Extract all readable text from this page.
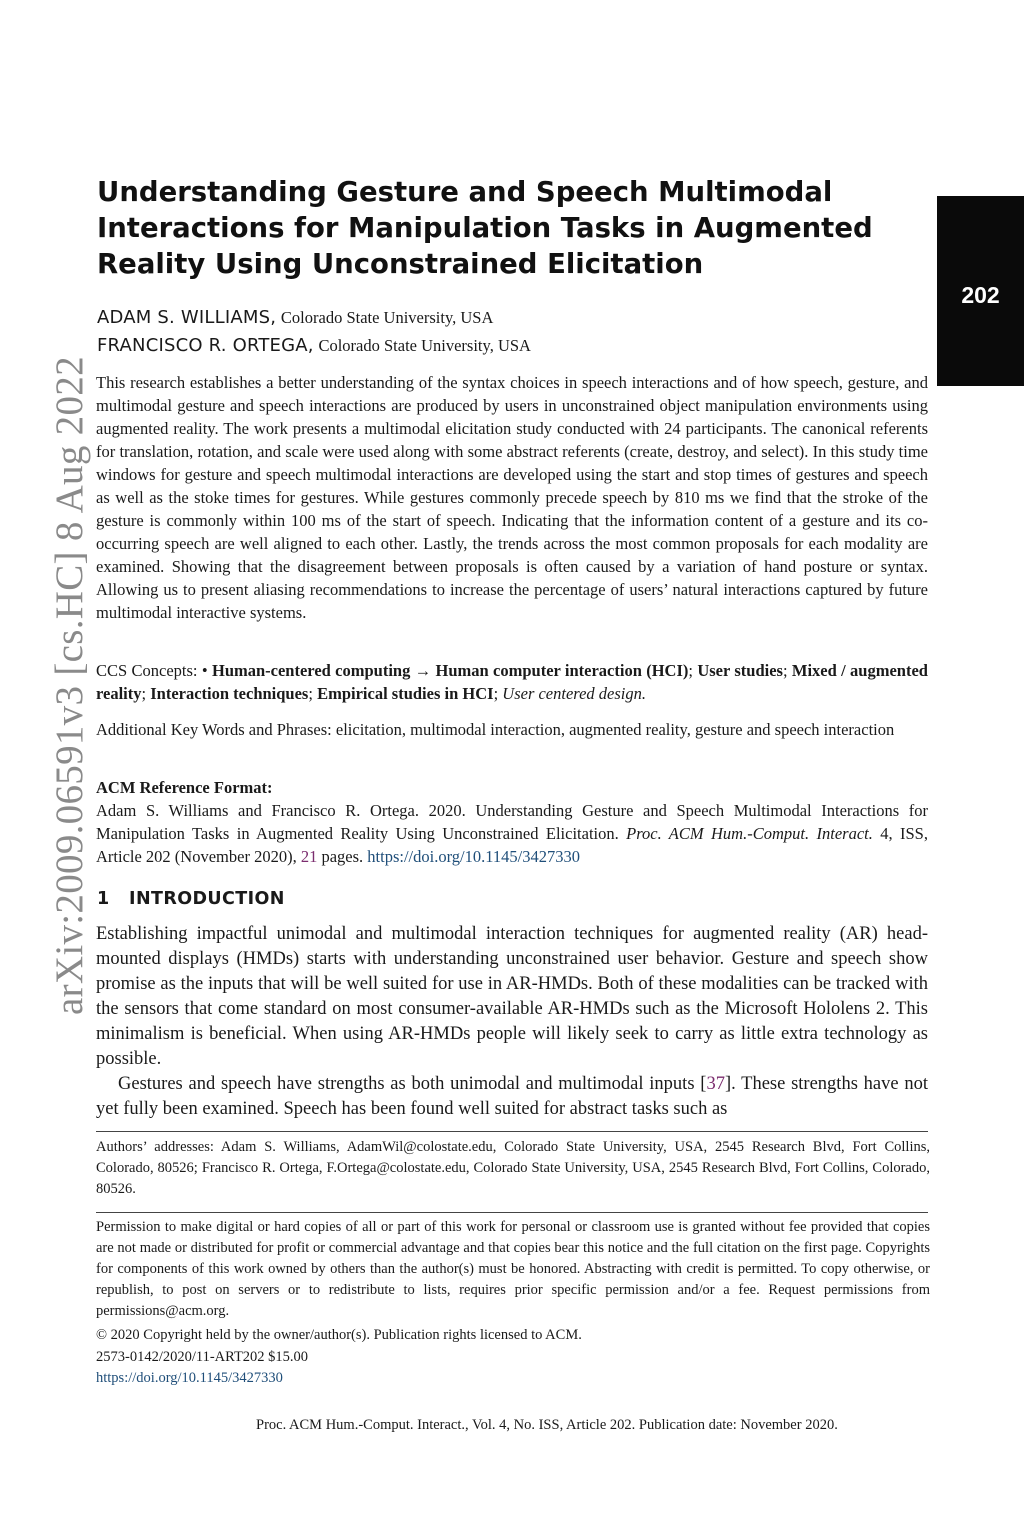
arXiv:2009.06591v3 [cs.HC] 8 Aug 2022
202
Understanding Gesture and Speech Multimodal Interactions for Manipulation Tasks in Augmented Reality Using Unconstrained Elicitation
ADAM S. WILLIAMS, Colorado State University, USA
FRANCISCO R. ORTEGA, Colorado State University, USA
This research establishes a better understanding of the syntax choices in speech interactions and of how speech, gesture, and multimodal gesture and speech interactions are produced by users in unconstrained object manipulation environments using augmented reality. The work presents a multimodal elicitation study conducted with 24 participants. The canonical referents for translation, rotation, and scale were used along with some abstract referents (create, destroy, and select). In this study time windows for gesture and speech multimodal interactions are developed using the start and stop times of gestures and speech as well as the stoke times for gestures. While gestures commonly precede speech by 810 ms we find that the stroke of the gesture is commonly within 100 ms of the start of speech. Indicating that the information content of a gesture and its co-occurring speech are well aligned to each other. Lastly, the trends across the most common proposals for each modality are examined. Showing that the disagreement between proposals is often caused by a variation of hand posture or syntax. Allowing us to present aliasing recommendations to increase the percentage of users’ natural interactions captured by future multimodal interactive systems.
CCS Concepts: • Human-centered computing → Human computer interaction (HCI); User studies; Mixed / augmented reality; Interaction techniques; Empirical studies in HCI; User centered design.
Additional Key Words and Phrases: elicitation, multimodal interaction, augmented reality, gesture and speech interaction
ACM Reference Format:
Adam S. Williams and Francisco R. Ortega. 2020. Understanding Gesture and Speech Multimodal Interactions for Manipulation Tasks in Augmented Reality Using Unconstrained Elicitation. Proc. ACM Hum.-Comput. Interact. 4, ISS, Article 202 (November 2020), 21 pages. https://doi.org/10.1145/3427330
1   INTRODUCTION
Establishing impactful unimodal and multimodal interaction techniques for augmented reality (AR) head-mounted displays (HMDs) starts with understanding unconstrained user behavior. Gesture and speech show promise as the inputs that will be well suited for use in AR-HMDs. Both of these modalities can be tracked with the sensors that come standard on most consumer-available AR-HMDs such as the Microsoft Hololens 2. This minimalism is beneficial. When using AR-HMDs people will likely seek to carry as little extra technology as possible.
Gestures and speech have strengths as both unimodal and multimodal inputs [37]. These strengths have not yet fully been examined. Speech has been found well suited for abstract tasks such as
Authors’ addresses: Adam S. Williams, AdamWil@colostate.edu, Colorado State University, USA, 2545 Research Blvd, Fort Collins, Colorado, 80526; Francisco R. Ortega, F.Ortega@colostate.edu, Colorado State University, USA, 2545 Research Blvd, Fort Collins, Colorado, 80526.
Permission to make digital or hard copies of all or part of this work for personal or classroom use is granted without fee provided that copies are not made or distributed for profit or commercial advantage and that copies bear this notice and the full citation on the first page. Copyrights for components of this work owned by others than the author(s) must be honored. Abstracting with credit is permitted. To copy otherwise, or republish, to post on servers or to redistribute to lists, requires prior specific permission and/or a fee. Request permissions from permissions@acm.org.
© 2020 Copyright held by the owner/author(s). Publication rights licensed to ACM.
2573-0142/2020/11-ART202 $15.00
https://doi.org/10.1145/3427330
Proc. ACM Hum.-Comput. Interact., Vol. 4, No. ISS, Article 202. Publication date: November 2020.
